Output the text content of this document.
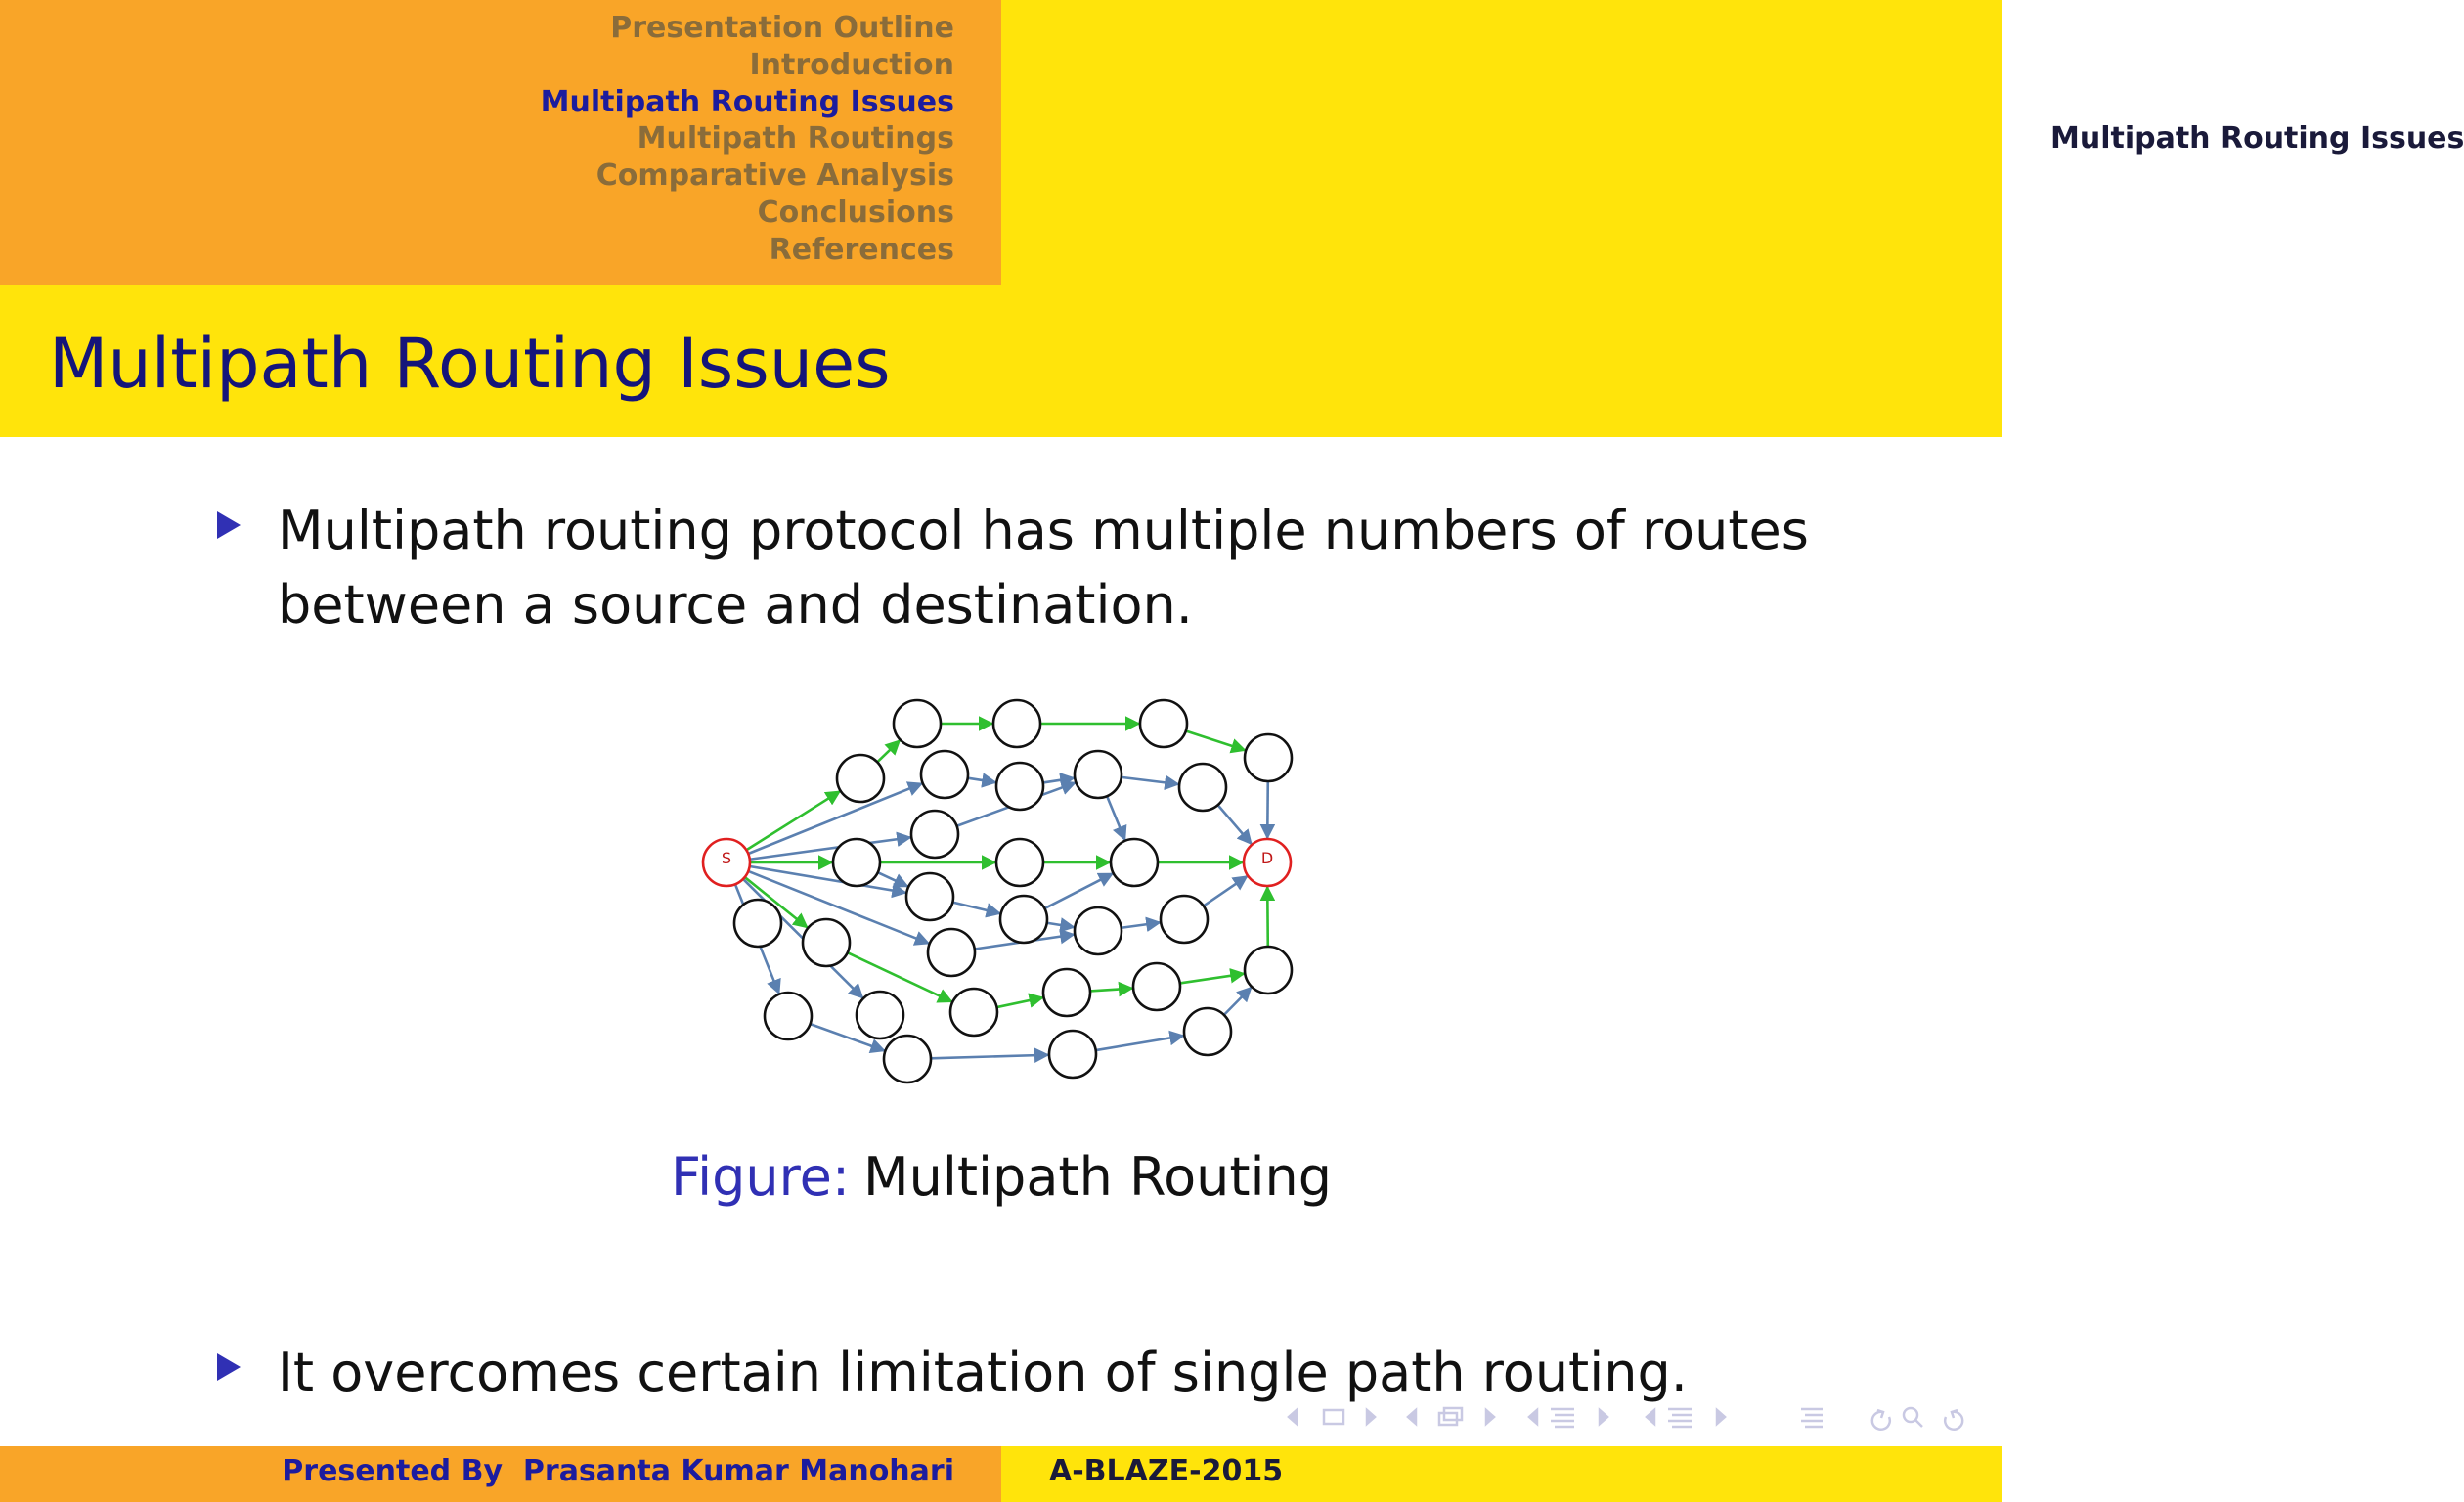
Presentation Outline
Introduction
Multipath Routing Issues
Multipath Routings
Comparative Analysis
Conclusions
References
Multipath Routing Issues
Multipath Routing Issues
Multipath routing protocol has multiple numbers of routes between a source and destination.
S	D
Figure: Multipath Routing
It overcomes certain limitation of single path routing.
Presented By Prasanta Kumar Manohari	A-BLAZE-2015
